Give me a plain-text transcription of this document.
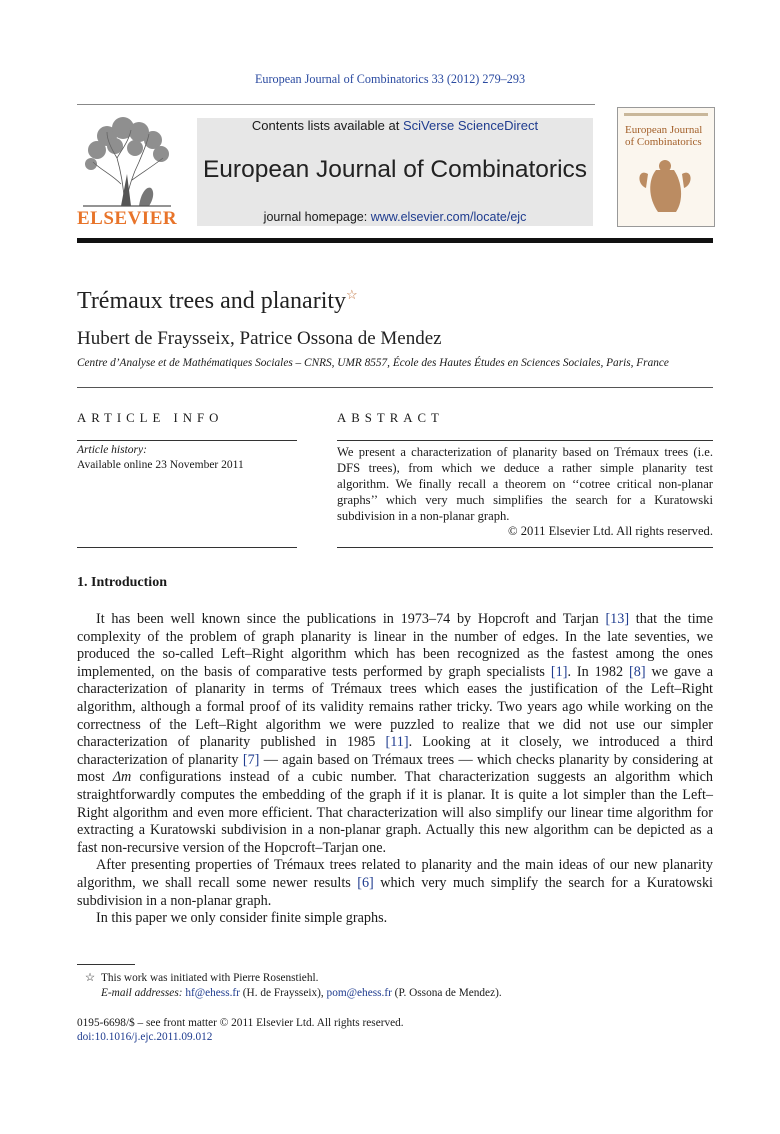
European Journal of Combinatorics 33 (2012) 279–293
ELSEVIER
Contents lists available at SciVerse ScienceDirect
European Journal of Combinatorics
journal homepage: www.elsevier.com/locate/ejc
European Journal of Combinatorics
Trémaux trees and planarity☆
Hubert de Fraysseix, Patrice Ossona de Mendez
Centre d’Analyse et de Mathématiques Sociales – CNRS, UMR 8557, École des Hautes Études en Sciences Sociales, Paris, France
ARTICLE INFO	ABSTRACT
Article history:
Available online 23 November 2011
We present a characterization of planarity based on Trémaux trees (i.e. DFS trees), from which we deduce a rather simple planarity test algorithm. We finally recall a theorem on ‘‘cotree critical non-planar graphs’’ which very much simplifies the search for a Kuratowski subdivision in a non-planar graph.
© 2011 Elsevier Ltd. All rights reserved.
1. Introduction

It has been well known since the publications in 1973–74 by Hopcroft and Tarjan [13] that the time complexity of the problem of graph planarity is linear in the number of edges. In the late seventies, we produced the so-called Left–Right algorithm which has been recognized as the fastest among the ones implemented, on the basis of comparative tests performed by graph specialists [1]. In 1982 [8] we gave a characterization of planarity in terms of Trémaux trees which eases the justification of the Left–Right algorithm, although a formal proof of its validity remains rather tricky. Two years ago while working on the correctness of the Left–Right algorithm we were puzzled to realize that we did not use our simpler characterization of planarity published in 1985 [11]. Looking at it closely, we introduced a third characterization of planarity [7] — again based on Trémaux trees — which checks planarity by considering at most Δm configurations instead of a cubic number. That characterization suggests an algorithm which straightforwardly computes the embedding of the graph if it is planar. It is quite a lot simpler than the Left–Right algorithm and even more efficient. That characterization will also simplify our linear time algorithm for extracting a Kuratowski subdivision in a non-planar graph. Actually this new algorithm can be depicted as a fast non-recursive version of the Hopcroft–Tarjan one.

After presenting properties of Trémaux trees related to planarity and the main ideas of our new planarity algorithm, we shall recall some newer results [6] which very much simplify the search for a Kuratowski subdivision in a non-planar graph.

In this paper we only consider finite simple graphs.

☆ This work was initiated with Pierre Rosenstiehl.
E-mail addresses: hf@ehess.fr (H. de Fraysseix), pom@ehess.fr (P. Ossona de Mendez).
0195-6698/$ – see front matter © 2011 Elsevier Ltd. All rights reserved.
doi:10.1016/j.ejc.2011.09.012
